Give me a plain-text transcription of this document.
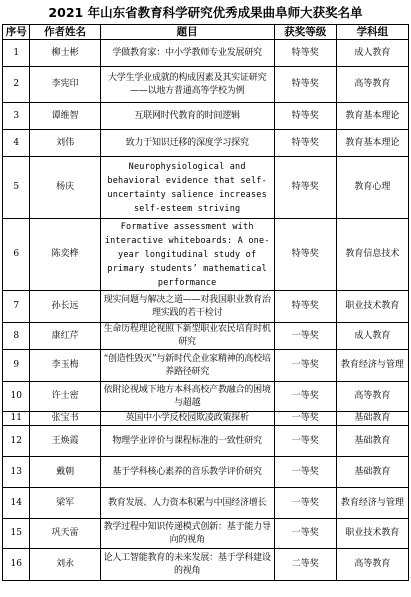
2021 年山东省教育科学研究优秀成果曲阜师大获奖名单
序号	作者姓名	题目	获奖等级	学科组
1	柳士彬	学做教育家：中小学教师专业发展研究	特等奖	成人教育
2	李宪印	大学生学业成就的构成因素及其实证研究——以地方普通高等学校为例	特等奖	高等教育
3	谭维智	互联网时代教育的时间逻辑	特等奖	教育基本理论
4	刘伟	致力于知识迁移的深度学习探究	特等奖	教育基本理论
5	杨庆	Neurophysiological and behavioral evidence that self-uncertainty salience increases self-esteem striving	特等奖	教育心理
6	陈奕桦	Formative assessment with interactive whiteboards: A one-year longitudinal study of primary students’ mathematical performance	特等奖	教育信息技术
7	孙长远	现实问题与解决之道——对我国职业教育治理实践的若干检讨	特等奖	职业技术教育
8	康红芹	生命历程理论视照下新型职业农民培育时机研究	一等奖	成人教育
9	李玉梅	“创造性毁灭”与新时代企业家精神的高校培养路径研究	一等奖	教育经济与管理
10	许士密	依附论视域下地方本科高校产教融合的困境与超越	一等奖	高等教育
11	张宝书	英国中小学反校园欺凌政策探析	一等奖	基础教育
12	王焕霞	物理学业评价与课程标准的一致性研究	一等奖	基础教育
13	戴朝	基于学科核心素养的音乐教学评价研究	一等奖	基础教育
14	梁军	教育发展、人力资本积累与中国经济增长	一等奖	教育经济与管理
15	巩天雷	教学过程中知识传递模式创新：基于能力导向的视角	一等奖	职业技术教育
16	刘永	论人工智能教育的未来发展：基于学科建设的视角	二等奖	高等教育
